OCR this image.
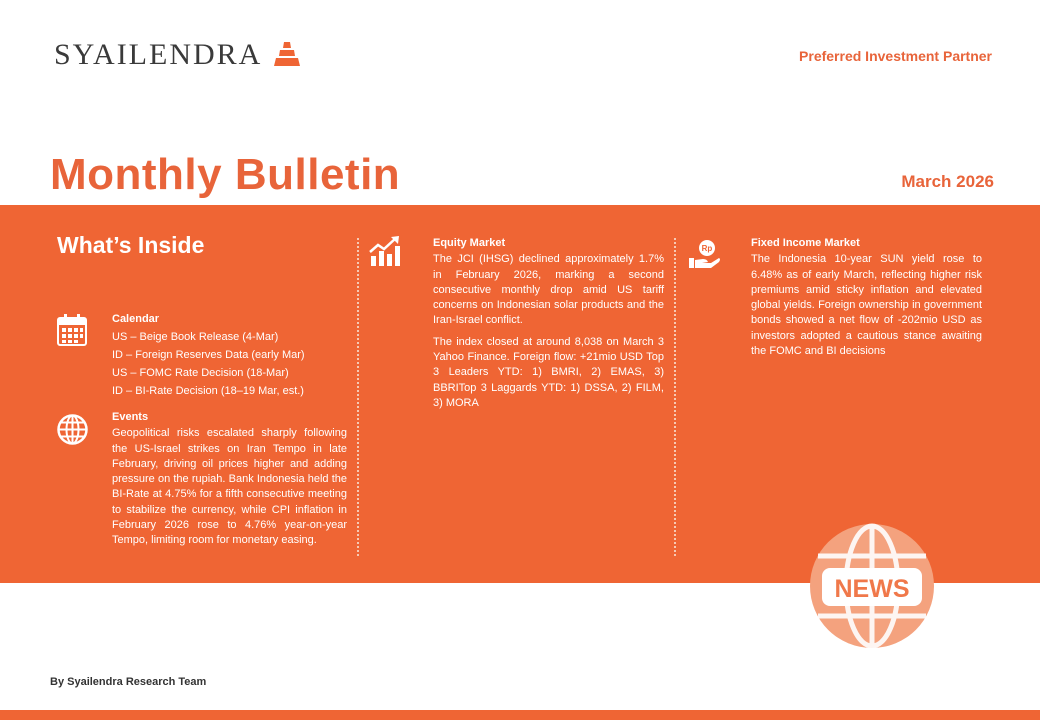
SYAILENDRA	Preferred Investment Partner
Monthly Bulletin	March 2026
What’s Inside
Calendar
US – Beige Book Release (4-Mar)
ID – Foreign Reserves Data (early Mar)
US – FOMC Rate Decision (18-Mar)
ID – BI-Rate Decision (18–19 Mar, est.)
Events

Geopolitical risks escalated sharply following the US-Israel strikes on Iran Tempo in late February, driving oil prices higher and adding pressure on the rupiah. Bank Indonesia held the BI-Rate at 4.75% for a fifth consecutive meeting to stabilize the currency, while CPI inflation in February 2026 rose to 4.76% year-on-year Tempo, limiting room for monetary easing.

Equity Market

The JCI (IHSG) declined approximately 1.7% in February 2026, marking a second consecutive monthly drop amid US tariff concerns on Indonesian solar products and the Iran-Israel conflict.

The index closed at around 8,038 on March 3 Yahoo Finance. Foreign flow: +21mio USD Top 3 Leaders YTD: 1) BMRI, 2) EMAS, 3) BBRITop 3 Laggards YTD: 1) DSSA, 2) FILM, 3) MORA

Rp	Fixed Income Market

The Indonesia 10-year SUN yield rose to 6.48% as of early March, reflecting higher risk premiums amid sticky inflation and elevated global yields. Foreign ownership in government bonds showed a net flow of -202mio USD as investors adopted a cautious stance awaiting the FOMC and BI decisions

NEWS
By Syailendra Research Team
